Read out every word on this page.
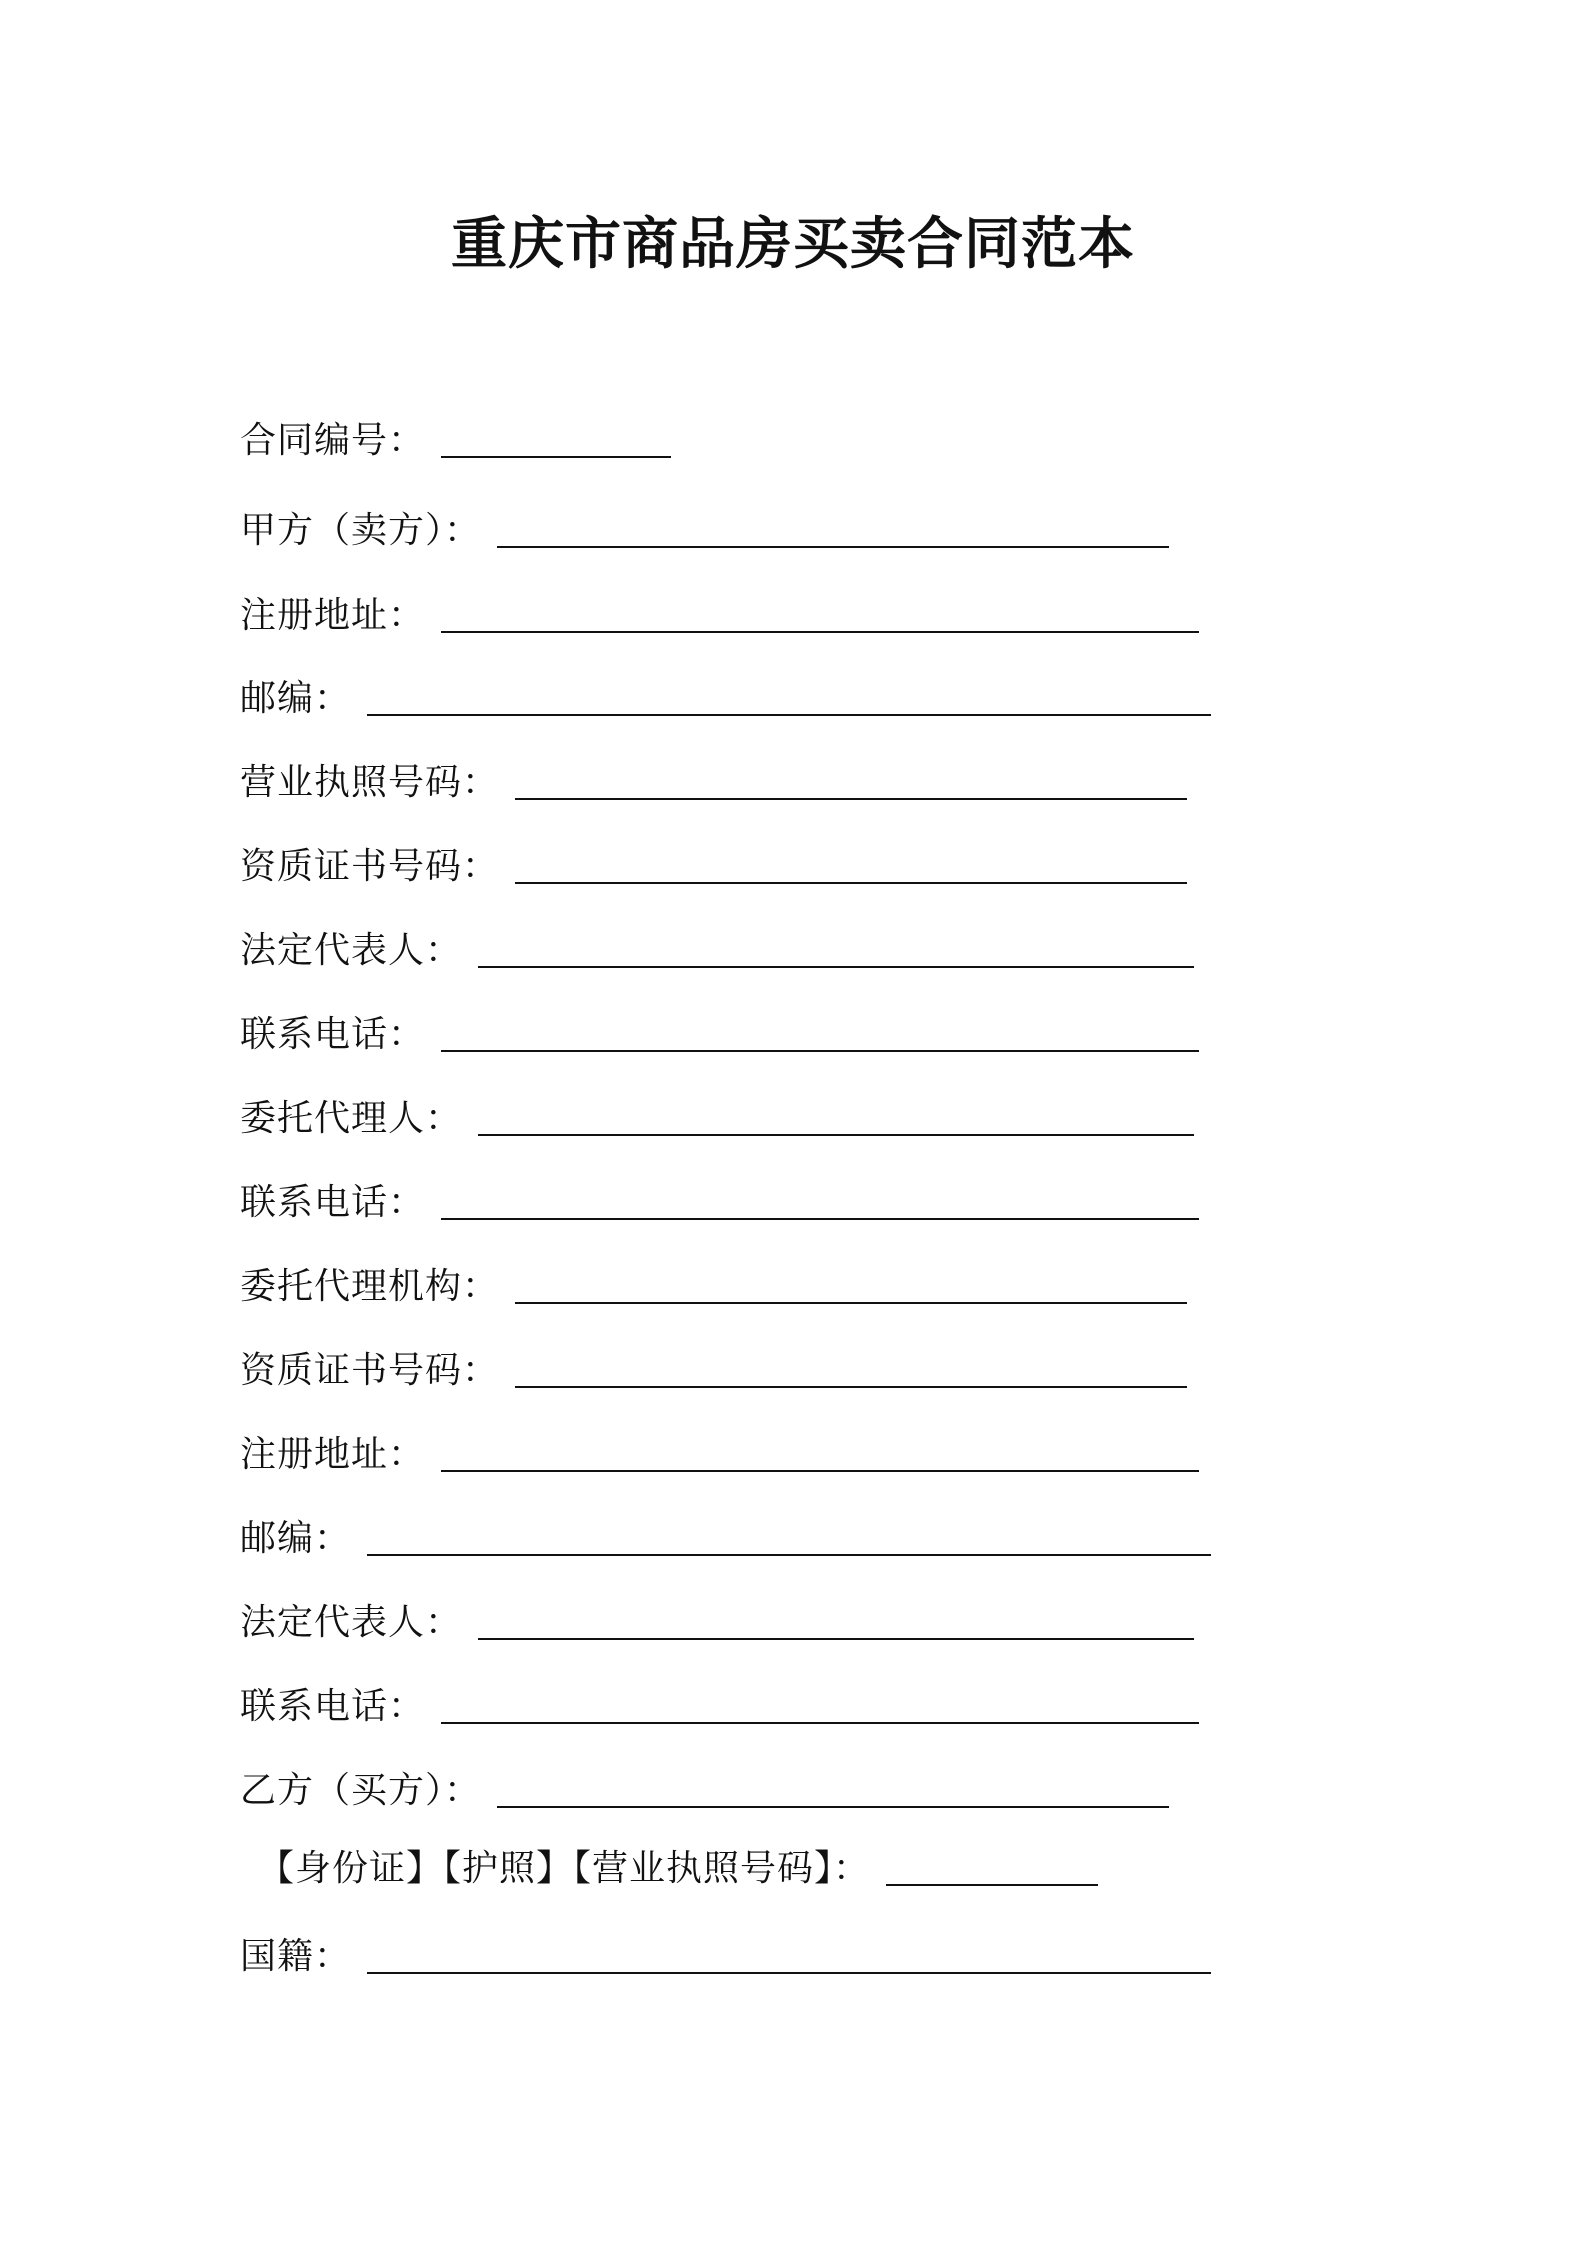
重庆市商品房买卖合同范本
合同编号：
甲方（卖方）：
注册地址：
邮编：
营业执照号码：
资质证书号码：
法定代表人：
联系电话：
委托代理人：
联系电话：
委托代理机构：
资质证书号码：
注册地址：
邮编：
法定代表人：
联系电话：
乙方（买方）：
【身份证】【护照】【营业执照号码】：
国籍：
